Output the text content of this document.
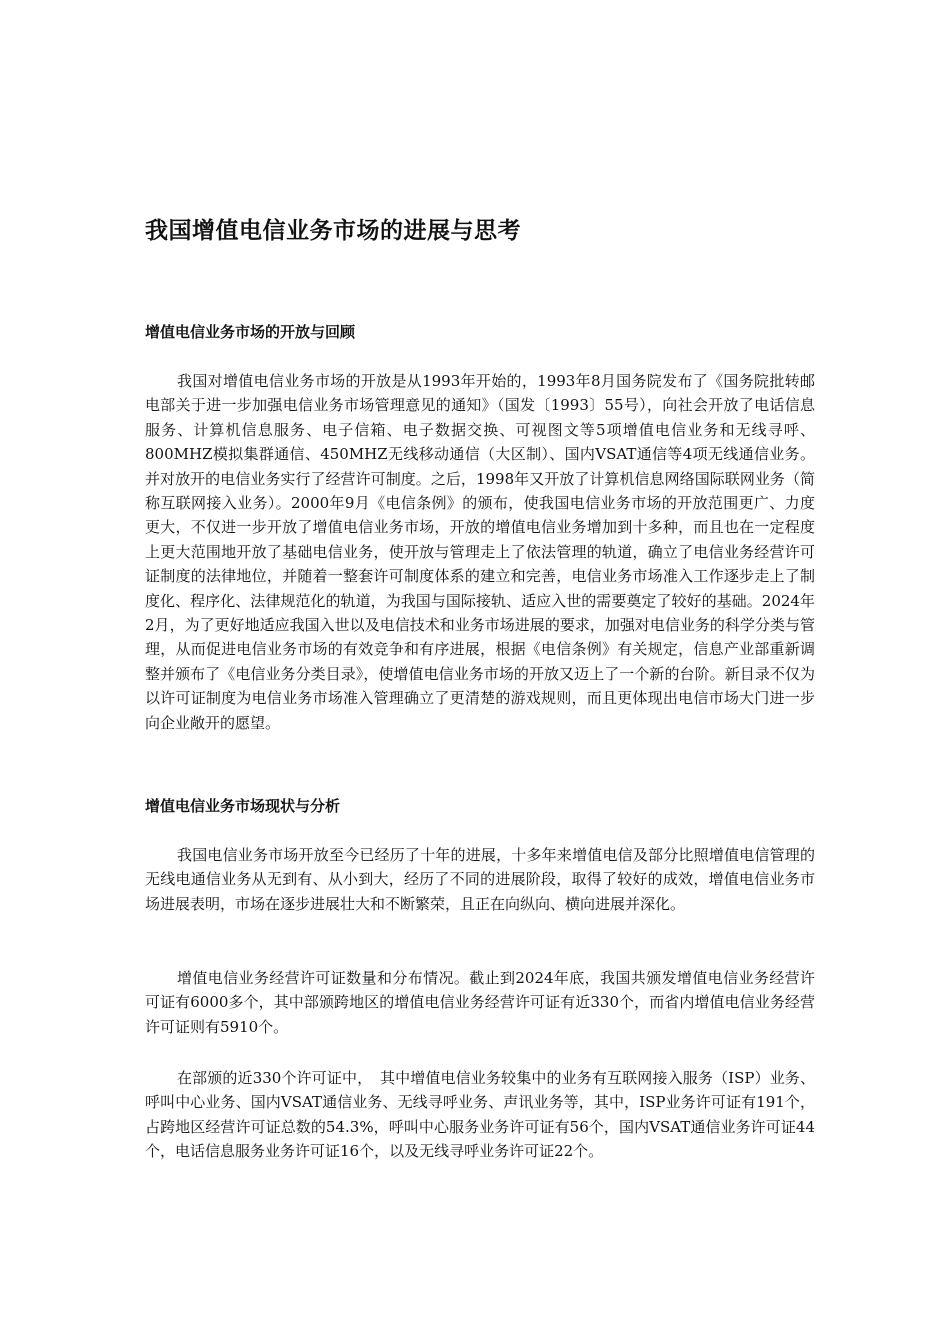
我国增值电信业务市场的进展与思考
增值电信业务市场的开放与回顾

我国对增值电信业务市场的开放是从1993年开始的，1993年8月国务院发布了《国务院批转邮电部关于进一步加强电信业务市场管理意见的通知》（国发〔1993〕55号），向社会开放了电话信息服务、计算机信息服务、电子信箱、电子数据交换、可视图文等5项增值电信业务和无线寻呼、800MHZ模拟集群通信、450MHZ无线移动通信（大区制）、国内VSAT通信等4项无线通信业务。并对放开的电信业务实行了经营许可制度。之后，1998年又开放了计算机信息网络国际联网业务（简称互联网接入业务）。2000年9月《电信条例》的颁布，使我国电信业务市场的开放范围更广、力度更大，不仅进一步开放了增值电信业务市场，开放的增值电信业务增加到十多种，而且也在一定程度上更大范围地开放了基础电信业务，使开放与管理走上了依法管理的轨道，确立了电信业务经营许可证制度的法律地位，并随着一整套许可制度体系的建立和完善，电信业务市场准入工作逐步走上了制度化、程序化、法律规范化的轨道，为我国与国际接轨、适应入世的需要奠定了较好的基础。2024年2月，为了更好地适应我国入世以及电信技术和业务市场进展的要求，加强对电信业务的科学分类与管理，从而促进电信业务市场的有效竞争和有序进展，根据《电信条例》有关规定，信息产业部重新调整并颁布了《电信业务分类目录》，使增值电信业务市场的开放又迈上了一个新的台阶。新目录不仅为以许可证制度为电信业务市场准入管理确立了更清楚的游戏规则，而且更体现出电信市场大门进一步向企业敞开的愿望。

增值电信业务市场现状与分析

我国电信业务市场开放至今已经历了十年的进展，十多年来增值电信及部分比照增值电信管理的无线电通信业务从无到有、从小到大，经历了不同的进展阶段，取得了较好的成效，增值电信业务市场进展表明，市场在逐步进展壮大和不断繁荣，且正在向纵向、横向进展并深化。

增值电信业务经营许可证数量和分布情况。截止到2024年底，我国共颁发增值电信业务经营许可证有6000多个，其中部颁跨地区的增值电信业务经营许可证有近330个，而省内增值电信业务经营许可证则有5910个。

在部颁的近330个许可证中，　其中增值电信业务较集中的业务有互联网接入服务（ISP）业务、呼叫中心业务、国内VSAT通信业务、无线寻呼业务、声讯业务等，其中，ISP业务许可证有191个，占跨地区经营许可证总数的54.3%，呼叫中心服务业务许可证有56个，国内VSAT通信业务许可证44个，电话信息服务业务许可证16个，以及无线寻呼业务许可证22个。
